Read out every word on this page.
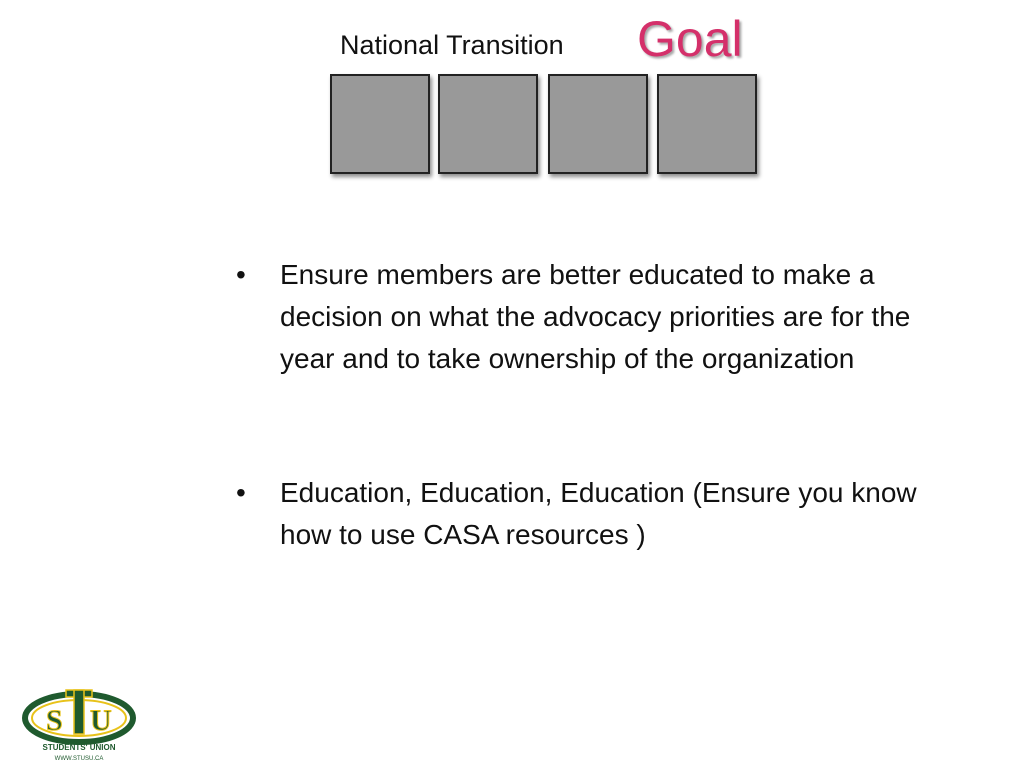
National Transition Goal
• Ensure members are better educated to make a decision on what the advocacy priorities are for the year and to take ownership of the organization
• Education, Education, Education (Ensure you know how to use CASA resources )
S U
STUDENTS' UNION
WWW.STUSU.CA
